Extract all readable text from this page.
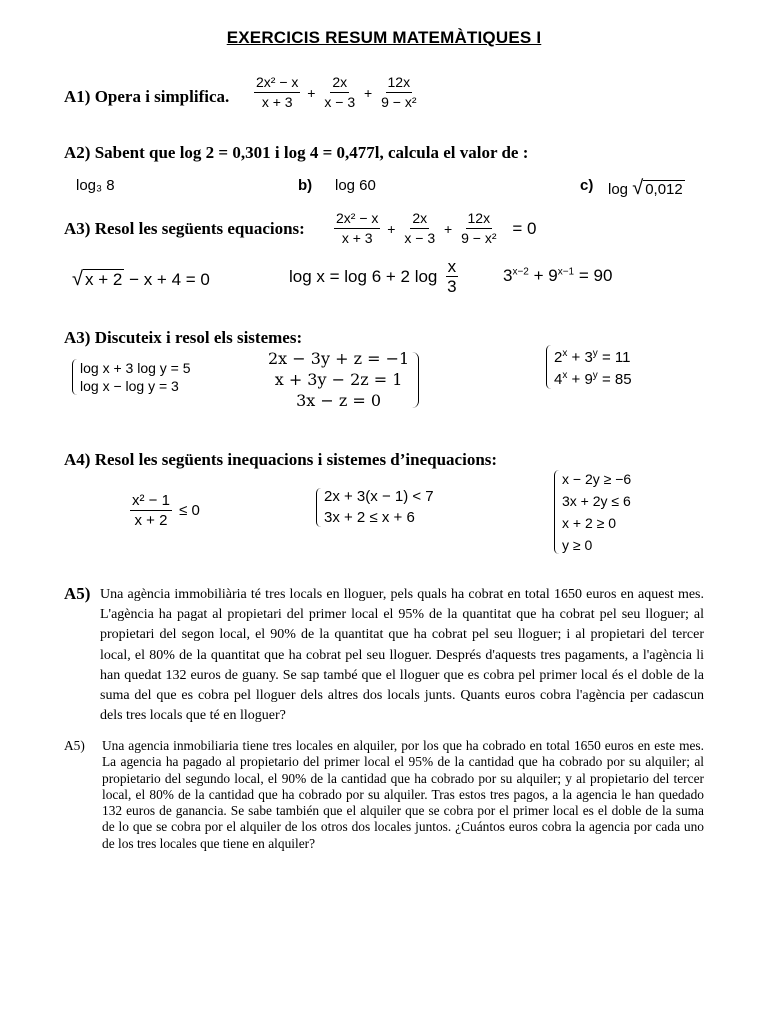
EXERCICIS RESUM MATEMÀTIQUES I
A1) Opera i simplifica. $\frac{\text{2x² − x}}{x + 3} + \frac{2x}{x - 3} + \frac{12x}{\text{9 − x²}}$
A2) Sabent que log 2 = 0,301 i log 4 = 0,477l, calcula el valor de :
log₃ 8	b) log 60	c) log √ 0,012
A3) Resol les següents equacions: $\frac{\text{2x² − x}}{x + 3} + \frac{2x}{x - 3} + \frac{12x}{\text{9 − x²}} = 0$
√ x + 2 − x + 4 = 0	log x = log 6 + 2 $\log \frac{x}{3}$	$3^{x-2} + 9^{x-1} = 90$
A3) Discuteix i resol els sistemes:
log x + 3 log y = 5
log x − log y = 3
2x − 3y + z = −1
x + 3y − 2z = 1
3x − z = 0
$2^x + 3^y = 11$
$4^x + 9^y = 85$
A4) Resol les següents inequacions i sistemes d’inequacions:
$\frac{\text{x² − 1}}{x + 2} \le 0$
2x + 3(x − 1) < 7
3x + 2 ≤ x + 6
x − 2y ≥ −6
3x + 2y ≤ 6
x + 2 ≥ 0
y ≥ 0
A5) Una agència immobiliària té tres locals en lloguer, pels quals ha cobrat en total 1650 euros en aquest mes. L'agència ha pagat al propietari del primer local el 95% de la quantitat que ha cobrat pel seu lloguer; al propietari del segon local, el 90% de la quantitat que ha cobrat pel seu lloguer; i al propietari del tercer local, el 80% de la quantitat que ha cobrat pel seu lloguer. Després d'aquests tres pagaments, a l'agència li han quedat 132 euros de guany. Se sap també que el lloguer que es cobra pel primer local és el doble de la suma del que es cobra pel lloguer dels altres dos locals junts. Quants euros cobra l'agència per cadascun dels tres locals que té en lloguer?
A5) Una agencia inmobiliaria tiene tres locales en alquiler, por los que ha cobrado en total 1650 euros en este mes. La agencia ha pagado al propietario del primer local el 95% de la cantidad que ha cobrado por su alquiler; al propietario del segundo local, el 90% de la cantidad que ha cobrado por su alquiler; y al propietario del tercer local, el 80% de la cantidad que ha cobrado por su alquiler. Tras estos tres pagos, a la agencia le han quedado 132 euros de ganancia. Se sabe también que el alquiler que se cobra por el primer local es el doble de la suma de lo que se cobra por el alquiler de los otros dos locales juntos. ¿Cuántos euros cobra la agencia por cada uno de los tres locales que tiene en alquiler?
